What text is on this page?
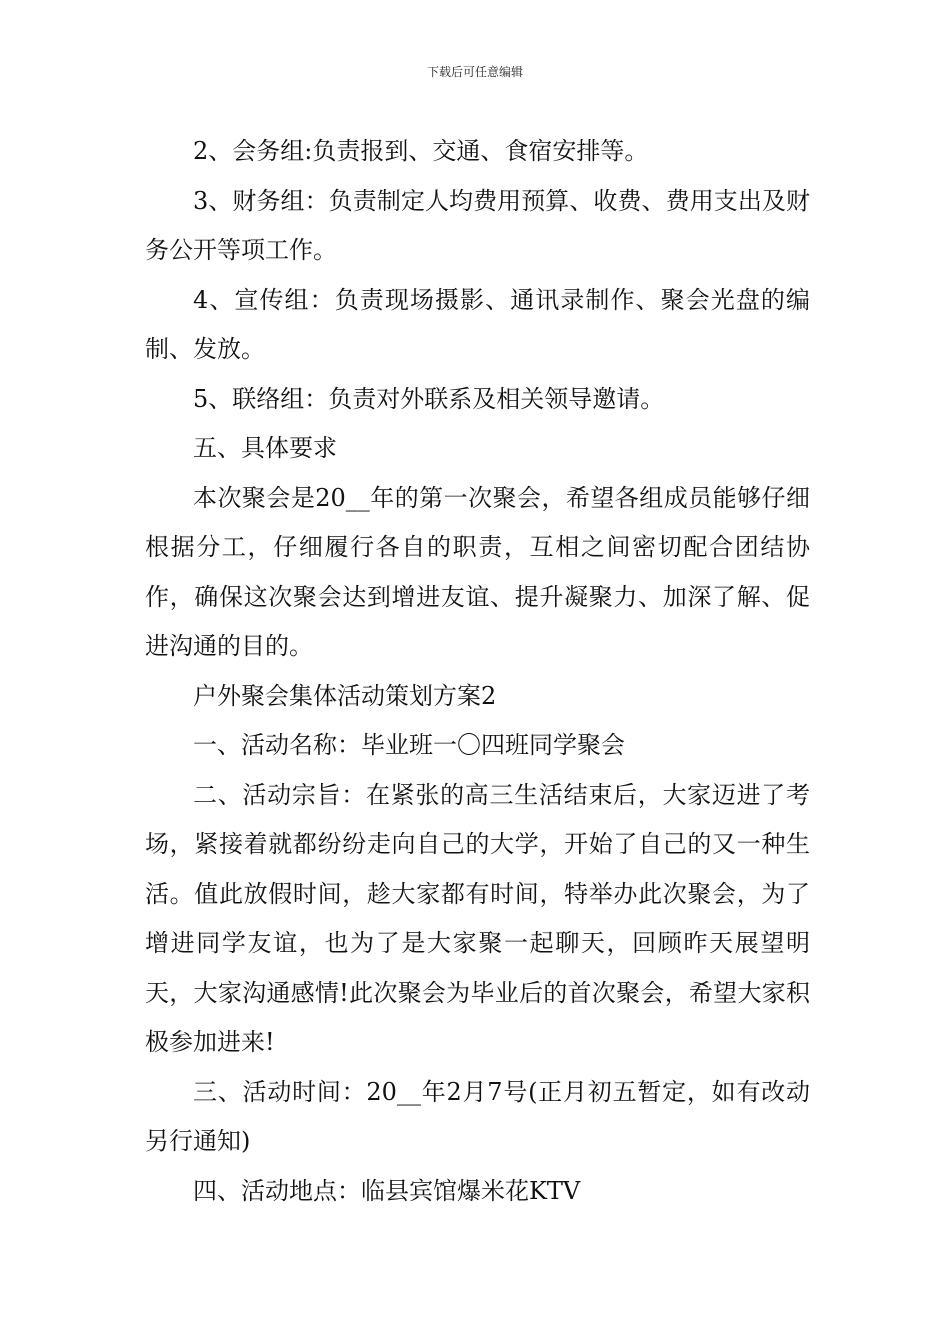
下载后可任意编辑

2、会务组:负责报到、交通、食宿安排等。

3、财务组：负责制定人均费用预算、收费、费用支出及财务公开等项工作。

4、宣传组：负责现场摄影、通讯录制作、聚会光盘的编制、发放。

5、联络组：负责对外联系及相关领导邀请。

五、具体要求

本次聚会是20__年的第一次聚会，希望各组成员能够仔细根据分工，仔细履行各自的职责，互相之间密切配合团结协作，确保这次聚会达到增进友谊、提升凝聚力、加深了解、促进沟通的目的。

户外聚会集体活动策划方案2

一、活动名称：毕业班一〇四班同学聚会

二、活动宗旨：在紧张的高三生活结束后，大家迈进了考场，紧接着就都纷纷走向自己的大学，开始了自己的又一种生活。值此放假时间，趁大家都有时间，特举办此次聚会，为了增进同学友谊，也为了是大家聚一起聊天，回顾昨天展望明天，大家沟通感情!此次聚会为毕业后的首次聚会，希望大家积极参加进来!

三、活动时间：20__年2月7号(正月初五暂定，如有改动另行通知)

四、活动地点：临县宾馆爆米花KTV
